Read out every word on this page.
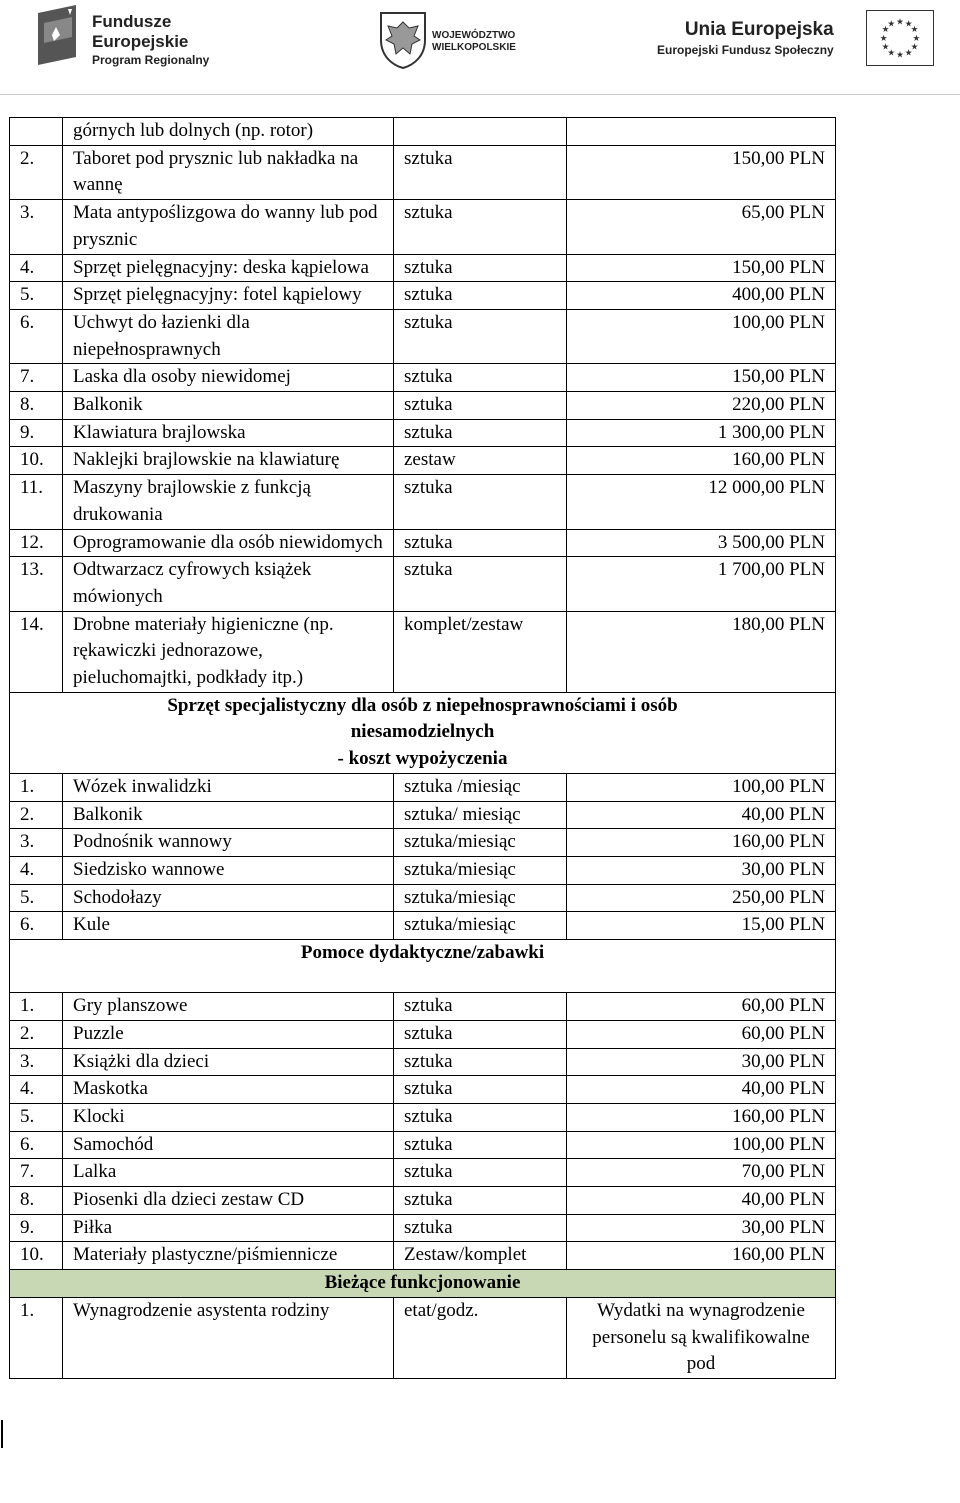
Fundusze
Europejskie
Program Regionalny
WOJEWÓDZTWO
WIELKOPOLSKIE
Unia Europejska
Europejski Fundusz Społeczny
★ ★
★
★
★
★
★
★
★
★
★
★
	górnych lub dolnych (np. rotor)		
2.	Taboret pod prysznic lub nakładka na wannę	sztuka	150,00 PLN
3.	Mata antypoślizgowa do wanny lub pod prysznic	sztuka	65,00 PLN
4.	Sprzęt pielęgnacyjny: deska kąpielowa	sztuka	150,00 PLN
5.	Sprzęt pielęgnacyjny: fotel kąpielowy	sztuka	400,00 PLN
6.	Uchwyt do łazienki dla niepełnosprawnych	sztuka	100,00 PLN
7.	Laska dla osoby niewidomej	sztuka	150,00 PLN
8.	Balkonik	sztuka	220,00 PLN
9.	Klawiatura brajlowska	sztuka	1 300,00 PLN
10.	Naklejki brajlowskie na klawiaturę	zestaw	160,00 PLN
11.	Maszyny brajlowskie z funkcją drukowania	sztuka	12 000,00 PLN
12.	Oprogramowanie dla osób niewidomych	sztuka	3 500,00 PLN
13.	Odtwarzacz cyfrowych książek mówionych	sztuka	1 700,00 PLN
14.	Drobne materiały higieniczne (np. rękawiczki jednorazowe, pieluchomajtki, podkłady itp.)	komplet/zestaw	180,00 PLN

Sprzęt specjalistyczny dla osób z niepełnosprawnościami i osób
niesamodzielnych
- koszt wypożyczenia			

1.	Wózek inwalidzki	sztuka /miesiąc	100,00 PLN
2.	Balkonik	sztuka/ miesiąc	40,00 PLN
3.	Podnośnik wannowy	sztuka/miesiąc	160,00 PLN
4.	Siedzisko wannowe	sztuka/miesiąc	30,00 PLN
5.	Schodołazy	sztuka/miesiąc	250,00 PLN
6.	Kule	sztuka/miesiąc	15,00 PLN
Pomoce dydaktyczne/zabawki			
1.	Gry planszowe	sztuka	60,00 PLN
2.	Puzzle	sztuka	60,00 PLN
3.	Książki dla dzieci	sztuka	30,00 PLN
4.	Maskotka	sztuka	40,00 PLN
5.	Klocki	sztuka	160,00 PLN
6.	Samochód	sztuka	100,00 PLN
7.	Lalka	sztuka	70,00 PLN
8.	Piosenki dla dzieci zestaw CD	sztuka	40,00 PLN
9.	Piłka	sztuka	30,00 PLN
10.	Materiały plastyczne/piśmiennicze	Zestaw/komplet	160,00 PLN
Bieżące funkcjonowanie			
1.	Wynagrodzenie asystenta rodziny	etat/godz.	Wydatki na wynagrodzenie personelu są kwalifikowalne pod
